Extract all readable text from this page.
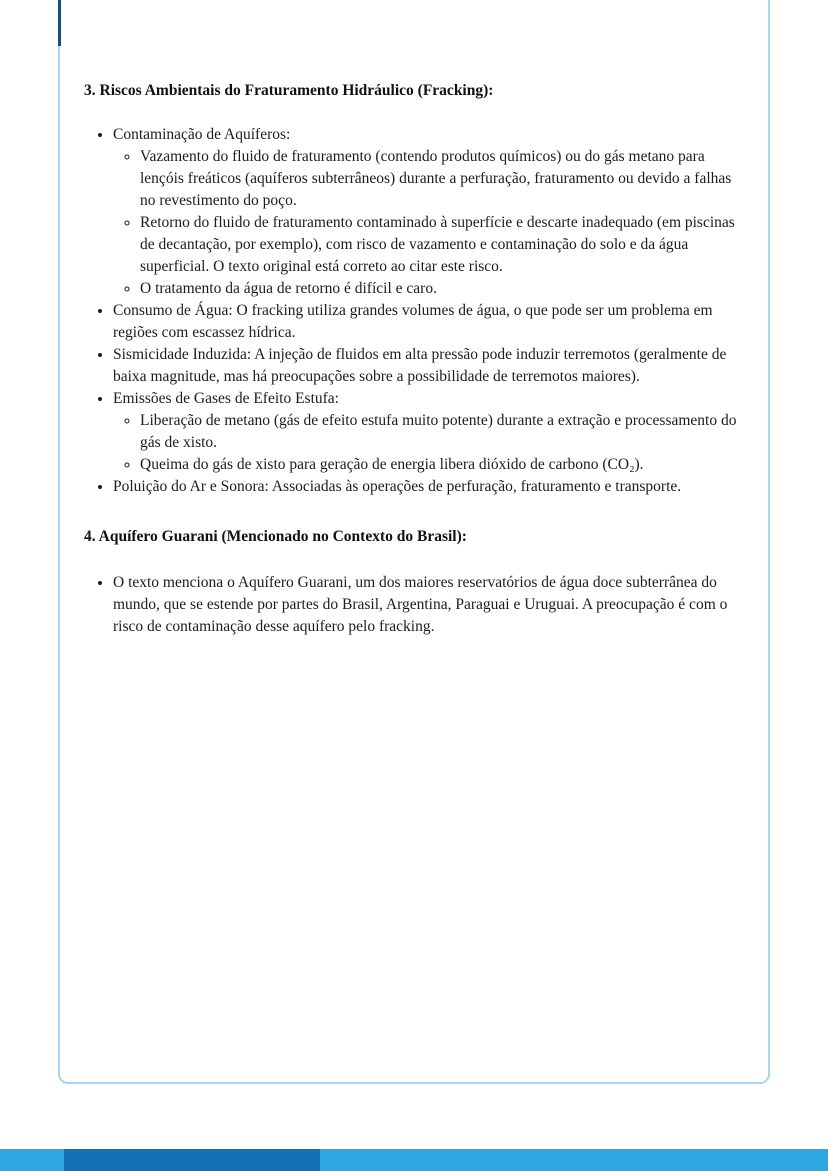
3. Riscos Ambientais do Fraturamento Hidráulico (Fracking):
• Contaminação de Aquíferos:
◦ Vazamento do fluido de fraturamento (contendo produtos químicos) ou do gás metano para lençóis freáticos (aquíferos subterrâneos) durante a perfuração, fraturamento ou devido a falhas no revestimento do poço.
◦ Retorno do fluido de fraturamento contaminado à superfície e descarte inadequado (em piscinas de decantação, por exemplo), com risco de vazamento e contaminação do solo e da água superficial. O texto original está correto ao citar este risco.
◦ O tratamento da água de retorno é difícil e caro.
• Consumo de Água: O fracking utiliza grandes volumes de água, o que pode ser um problema em regiões com escassez hídrica.
• Sismicidade Induzida: A injeção de fluidos em alta pressão pode induzir terremotos (geralmente de baixa magnitude, mas há preocupações sobre a possibilidade de terremotos maiores).
• Emissões de Gases de Efeito Estufa:
◦ Liberação de metano (gás de efeito estufa muito potente) durante a extração e processamento do gás de xisto.
◦ Queima do gás de xisto para geração de energia libera dióxido de carbono (CO₂).
• Poluição do Ar e Sonora: Associadas às operações de perfuração, fraturamento e transporte.
4. Aquífero Guarani (Mencionado no Contexto do Brasil):
• O texto menciona o Aquífero Guarani, um dos maiores reservatórios de água doce subterrânea do mundo, que se estende por partes do Brasil, Argentina, Paraguai e Uruguai. A preocupação é com o risco de contaminação desse aquífero pelo fracking.
